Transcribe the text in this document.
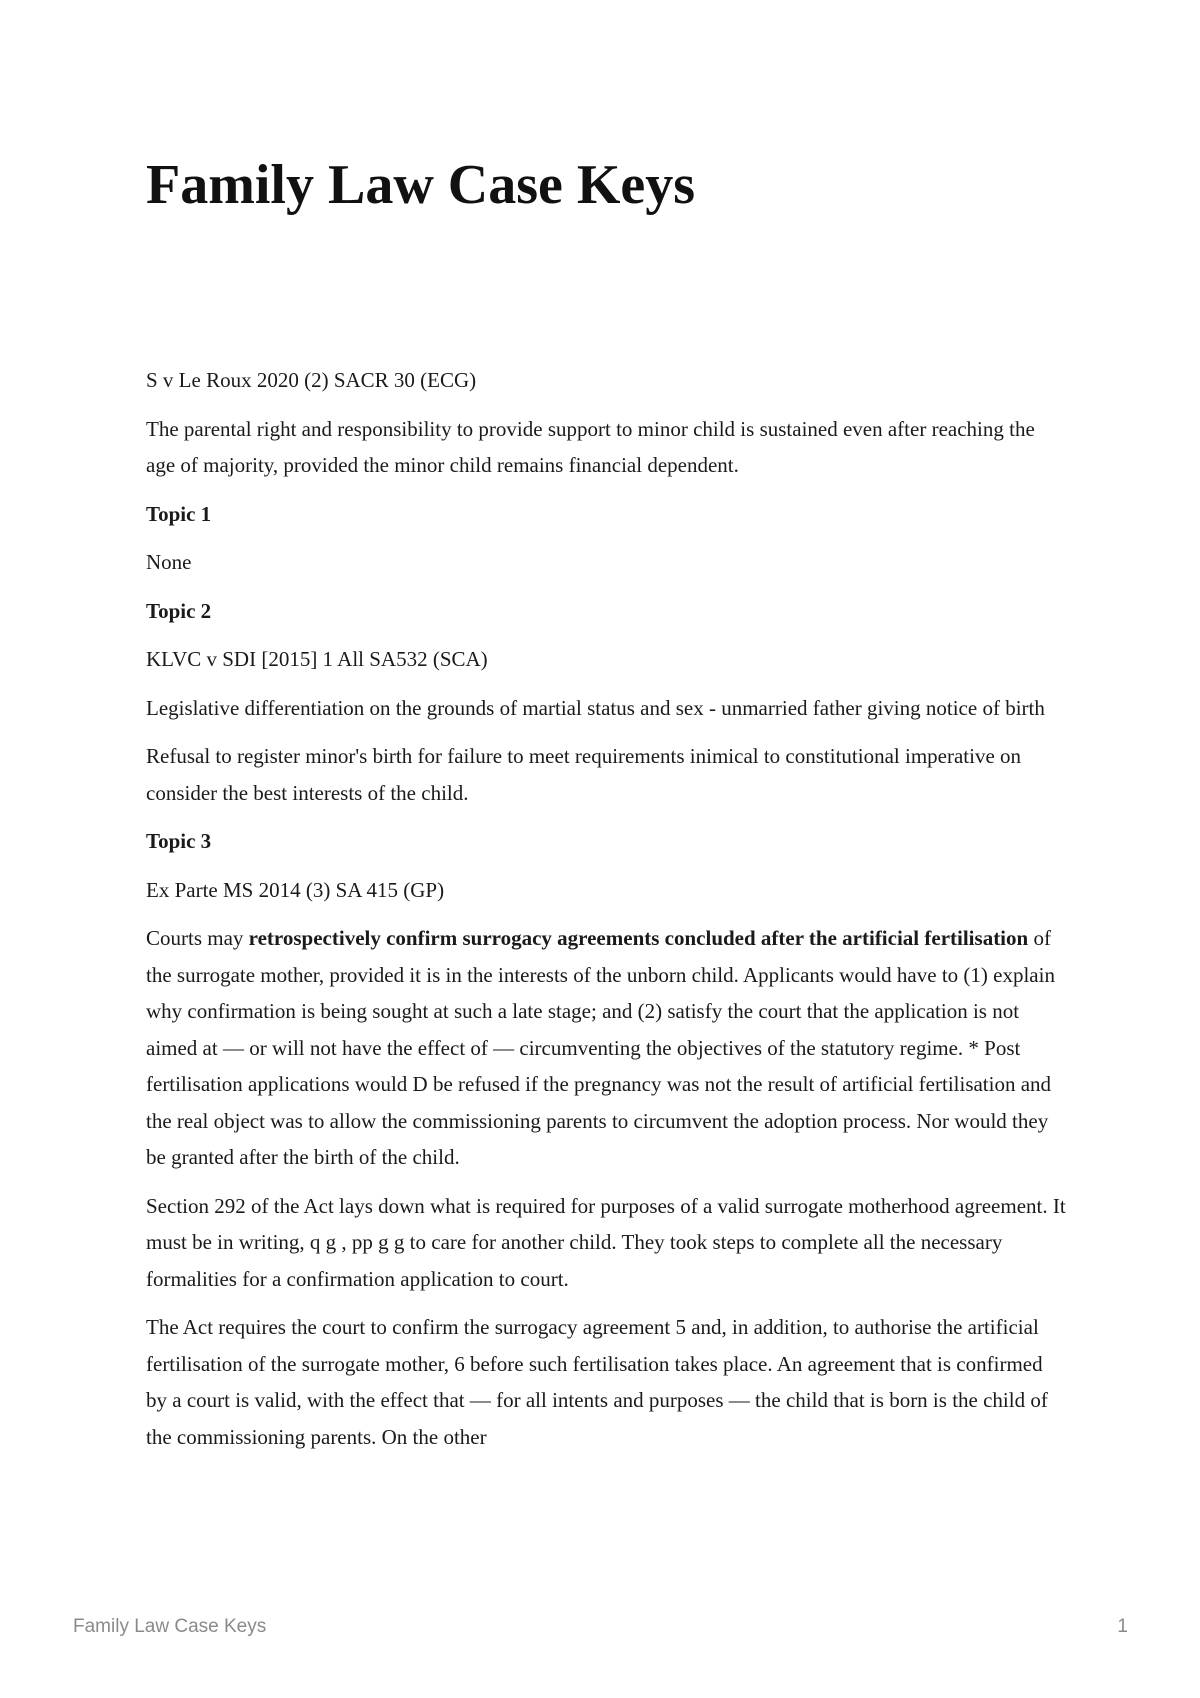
Family Law Case Keys

S v Le Roux 2020 (2) SACR 30 (ECG)

The parental right and responsibility to provide support to minor child is sustained even after reaching the age of majority, provided the minor child remains financial dependent.

Topic 1

None

Topic 2

KLVC v SDI [2015] 1 All SA532 (SCA)

Legislative differentiation on the grounds of martial status and sex - unmarried father giving notice of birth

Refusal to register minor's birth for failure to meet requirements inimical to constitutional imperative on consider the best interests of the child.

Topic 3

Ex Parte MS 2014 (3) SA 415 (GP)

Courts may retrospectively confirm surrogacy agreements concluded after the artificial fertilisation of the surrogate mother, provided it is in the interests of the unborn child. Applicants would have to (1) explain why confirmation is being sought at such a late stage; and (2) satisfy the court that the application is not aimed at — or will not have the effect of — circumventing the objectives of the statutory regime. * Post fertilisation applications would D be refused if the pregnancy was not the result of artificial fertilisation and the real object was to allow the commissioning parents to circumvent the adoption process. Nor would they be granted after the birth of the child.

Section 292 of the Act lays down what is required for purposes of a valid surrogate motherhood agreement. It must be in writing, q g , pp g g to care for another child. They took steps to complete all the necessary formalities for a confirmation application to court.

The Act requires the court to confirm the surrogacy agreement 5 and, in addition, to authorise the artificial fertilisation of the surrogate mother, 6 before such fertilisation takes place. An agreement that is confirmed by a court is valid, with the effect that — for all intents and purposes — the child that is born is the child of the commissioning parents. On the other

Family Law Case Keys	1
